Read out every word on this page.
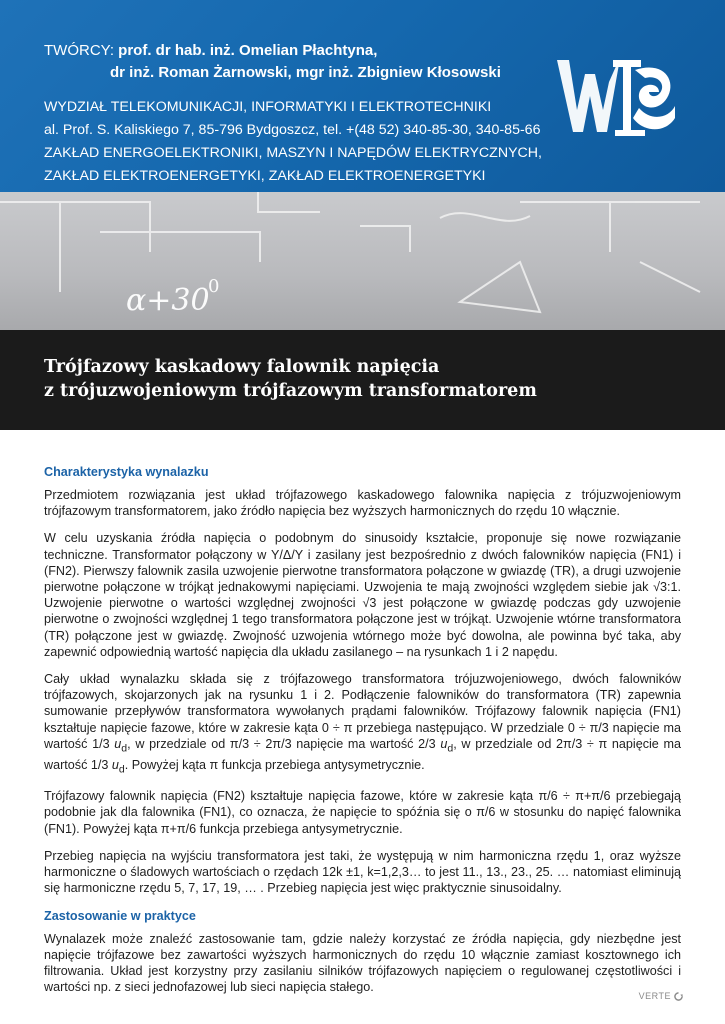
TWÓRCY: prof. dr hab. inż. Omelian Płachtyna,
dr inż. Roman Żarnowski, mgr inż. Zbigniew Kłosowski
WYDZIAŁ TELEKOMUNIKACJI, INFORMATYKI I ELEKTROTECHNIKI
al. Prof. S. Kaliskiego 7, 85-796 Bydgoszcz, tel. +(48 52) 340-85-30, 340-85-66
ZAKŁAD ENERGOELEKTRONIKI, MASZYN I NAPĘDÓW ELEKTRYCZNYCH,
ZAKŁAD ELEKTROENERGETYKI, ZAKŁAD ELEKTROENERGETYKI
α+30
0
Trójfazowy kaskadowy falownik napięcia
z trójuzwojeniowym trójfazowym transformatorem
Charakterystyka wynalazku

Przedmiotem rozwiązania jest układ trójfazowego kaskadowego falownika napięcia z trójuzwojeniowym trójfazowym transformatorem, jako źródło napięcia bez wyższych harmonicznych do rzędu 10 włącznie.

W celu uzyskania źródła napięcia o podobnym do sinusoidy kształcie, proponuje się nowe rozwiązanie techniczne. Transformator połączony w Y/Δ/Y i zasilany jest bezpośrednio z dwóch falowników napięcia (FN1) i (FN2). Pierwszy falownik zasila uzwojenie pierwotne transformatora połączone w gwiazdę (TR), a drugi uzwojenie pierwotne połączone w trójkąt jednakowymi napięciami. Uzwojenia te mają zwojności względem siebie jak √3:1. Uzwojenie pierwotne o wartości względnej zwojności √3 jest połączone w gwiazdę podczas gdy uzwojenie pierwotne o zwojności względnej 1 tego transformatora połączone jest w trójkąt. Uzwojenie wtórne transformatora (TR) połączone jest w gwiazdę. Zwojność uzwojenia wtórnego może być dowolna, ale powinna być taka, aby zapewnić odpowiednią wartość napięcia dla układu zasilanego – na rysunkach 1 i 2 napędu.

Cały układ wynalazku składa się z trójfazowego transformatora trójuzwojeniowego, dwóch falowników trójfazowych, skojarzonych jak na rysunku 1 i 2. Podłączenie falowników do transformatora (TR) zapewnia sumowanie przepływów transformatora wywołanych prądami falowników. Trójfazowy falownik napięcia (FN1) kształtuje napięcie fazowe, które w zakresie kąta 0 ÷ π przebiega następująco. W przedziale 0 ÷ π/3 napięcie ma wartość 1/3 $u_d$, w przedziale od π/3 ÷ 2π/3 napięcie ma wartość 2/3 $u_d$, w przedziale od 2π/3 ÷ π napięcie ma wartość 1/3 $u_d$. Powyżej kąta π funkcja przebiega antysymetrycznie.

Trójfazowy falownik napięcia (FN2) kształtuje napięcia fazowe, które w zakresie kąta π/6 ÷ π+π/6 przebiegają podobnie jak dla falownika (FN1), co oznacza, że napięcie to spóźnia się o π/6 w stosunku do napięć falownika (FN1). Powyżej kąta π+π/6 funkcja przebiega antysymetrycznie.

Przebieg napięcia na wyjściu transformatora jest taki, że występują w nim harmoniczna rzędu 1, oraz wyższe harmoniczne o śladowych wartościach o rzędach 12k ±1, k=1,2,3… to jest 11., 13., 23., 25. … natomiast eliminują się harmoniczne rzędu 5, 7, 17, 19, … . Przebieg napięcia jest więc praktycznie sinusoidalny.

Zastosowanie w praktyce

Wynalazek może znaleźć zastosowanie tam, gdzie należy korzystać ze źródła napięcia, gdy niezbędne jest napięcie trójfazowe bez zawartości wyższych harmonicznych do rzędu 10 włącznie zamiast kosztownego ich filtrowania. Układ jest korzystny przy zasilaniu silników trójfazowych napięciem o regulowanej częstotliwości i wartości np. z sieci jednofazowej lub sieci napięcia stałego.

VERTE
